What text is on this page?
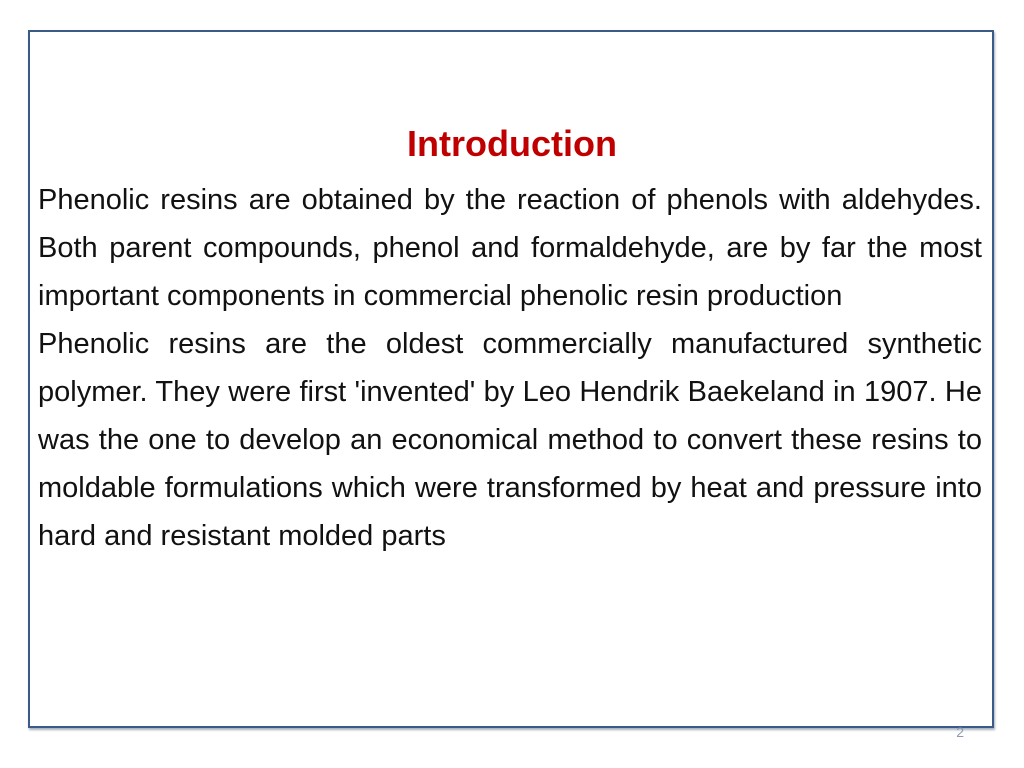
Introduction

Phenolic resins are obtained by the reaction of phenols with aldehydes. Both parent compounds, phenol and formaldehyde, are by far the most important components in commercial phenolic resin production

Phenolic resins are the oldest commercially manufactured synthetic polymer. They were first 'invented' by Leo Hendrik Baekeland in 1907. He was the one to develop an economical method to convert these resins to moldable formulations which were transformed by heat and pressure into hard and resistant molded parts

2
